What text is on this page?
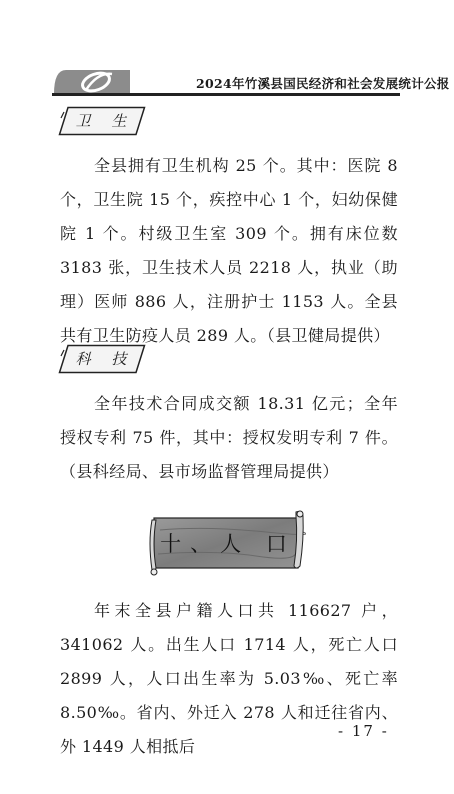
2024年竹溪县国民经济和社会发展统计公报
卫 生

全县拥有卫生机构 25 个。其中：医院 8 个，卫生院 15 个，疾控中心 1 个，妇幼保健院 1 个。村级卫生室 309 个。拥有床位数 3183 张，卫生技术人员 2218 人，执业（助理）医师 886 人，注册护士 1153 人。全县共有卫生防疫人员 289 人。（县卫健局提供）

科 技

全年技术合同成交额 18.31 亿元；全年授权专利 75 件，其中：授权发明专利 7 件。（县科经局、县市场监督管理局提供）

十、人 口

年末全县户籍人口共 116627 户，341062 人。出生人口 1714 人，死亡人口 2899 人，人口出生率为 5.03‰、死亡率 8.50‰。省内、外迁入 278 人和迁往省内、外 1449 人相抵后

- 17 -
